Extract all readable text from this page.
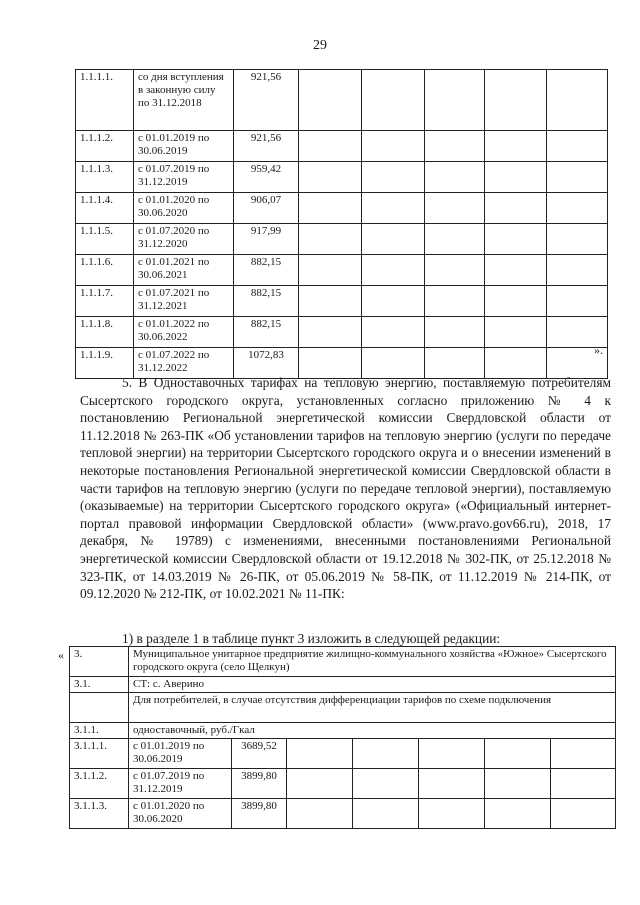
29
1.1.1.1.	со дня вступления в законную силу по 31.12.2018	921,56						
1.1.1.2.	с 01.01.2019 по 30.06.2019	921,56						
1.1.1.3.	с 01.07.2019 по 31.12.2019	959,42						
1.1.1.4.	с 01.01.2020 по 30.06.2020	906,07						
1.1.1.5.	с 01.07.2020 по 31.12.2020	917,99						
1.1.1.6.	с 01.01.2021 по 30.06.2021	882,15						
1.1.1.7.	с 01.07.2021 по 31.12.2021	882,15						
1.1.1.8.	с 01.01.2022 по 30.06.2022	882,15						
1.1.1.9.	с 01.07.2022 по 31.12.2022	1072,83							».

5. В Одноставочных тарифах на тепловую энергию, поставляемую потребителям Сысертского городского округа, установленных согласно приложению № 4 к постановлению Региональной энергетической комиссии Свердловской области от 11.12.2018 № 263-ПК «Об установлении тарифов на тепловую энергию (услуги по передаче тепловой энергии) на территории Сысертского городского округа и о внесении изменений в некоторые постановления Региональной энергетической комиссии Свердловской области в части тарифов на тепловую энергию (услуги по передаче тепловой энергии), поставляемую (оказываемые) на территории Сысертского городского округа» («Официальный интернет-портал правовой информации Свердловской области» (www.pravo.gov66.ru), 2018, 17 декабря, № 19789) с изменениями, внесенными постановлениями Региональной энергетической комиссии Свердловской области от 19.12.2018 № 302-ПК, от 25.12.2018 № 323-ПК, от 14.03.2019 № 26-ПК, от 05.06.2019 № 58-ПК, от 11.12.2019 № 214-ПК, от 09.12.2020 № 212-ПК, от 10.02.2021 № 11-ПК:

1) в разделе 1 в таблице пункт 3 изложить в следующей редакции:

« 3.	Муниципальное унитарное предприятие жилищно-коммунального хозяйства «Южное» Сысертского городского округа (село Щелкун)						
3.1.	СТ: с. Аверино						
	Для потребителей, в случае отсутствия дифференциации тарифов по схеме подключения						
3.1.1.	одноставочный, руб./Гкал						
3.1.1.1.	с 01.01.2019 по 30.06.2019	3689,52					
3.1.1.2.	с 01.07.2019 по 31.12.2019	3899,80					
3.1.1.3.	с 01.01.2020 по 30.06.2020	3899,80					
